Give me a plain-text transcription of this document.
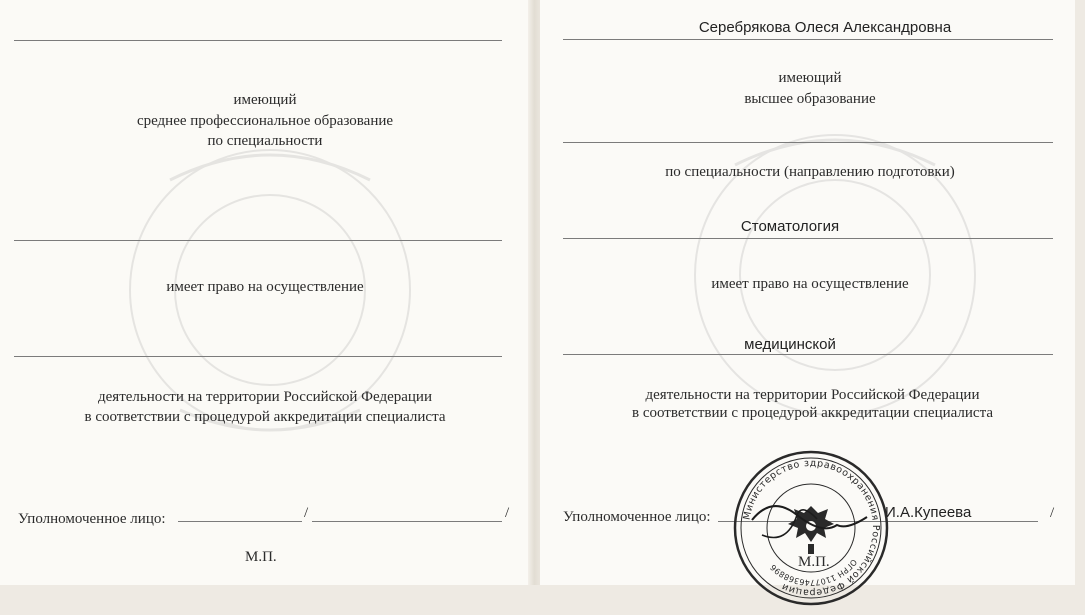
имеющий
среднее профессиональное образование
по специальности
имеет право на осуществление
деятельности на территории Российской Федерации
в соответствии с процедурой аккредитации специалиста
Уполномоченное лицо:	/	/
М.П.
Серебрякова Олеся Александровна
имеющий
высшее образование
по специальности (направлению подготовки)
Стоматология
имеет право на осуществление
медицинской
деятельности на территории Российской Федерации
в соответствии с процедурой аккредитации специалиста
Уполномоченное лицо:	И.А.Купеева	/
М.П.
Министерство здравоохранения Российской Федерации
ОГРН 1107746368896
